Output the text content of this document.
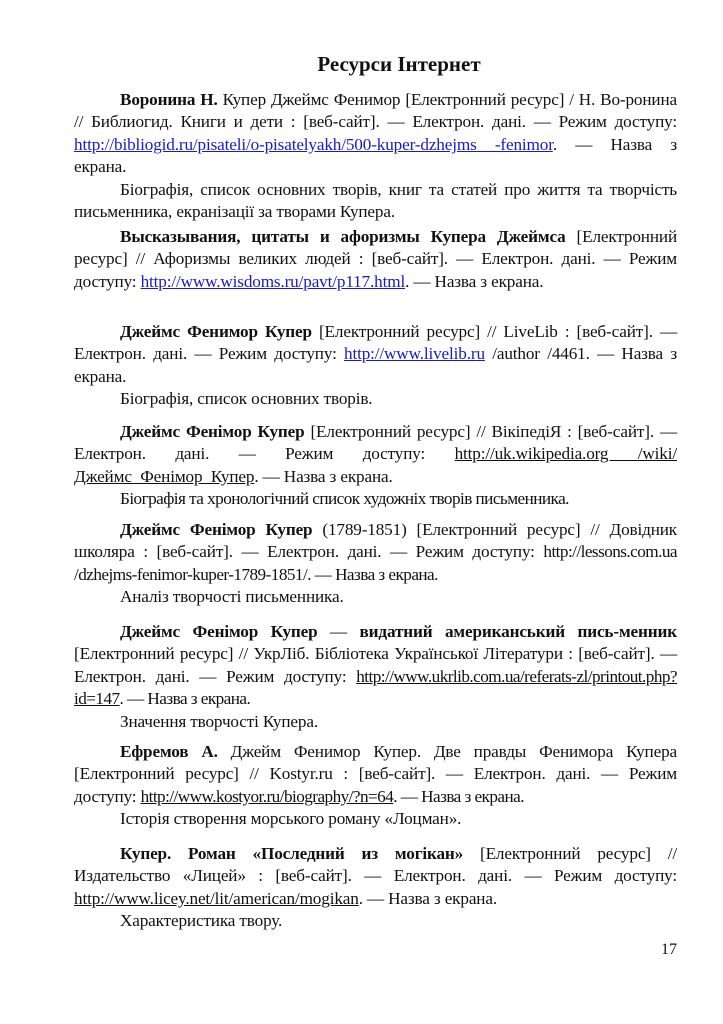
Ресурси Інтернет

Воронина Н. Купер Джеймс Фенимор [Електронний ресурс] / Н. Во-ронина // Библиогид. Книги и дети : [веб-сайт]. — Електрон. дані. — Режим доступу: http://bibliogid.ru/pisateli/o-pisatelyakh/500-kuper-dzhejms -fenimor. — Назва з екрана.

Біографія, список основних творів, книг та статей про життя та творчість письменника, екранізації за творами Купера.

Высказывания, цитаты и афоризмы Купера Джеймса [Електронний ресурс] // Афоризмы великих людей : [веб-сайт]. — Електрон. дані. — Режим доступу: http://www.wisdoms.ru/pavt/p117.html. — Назва з екрана.

Джеймс Фенимор Купер [Електронний ресурс] // LiveLib : [веб-сайт]. — Електрон. дані. — Режим доступу: http://www.livelib.ru /author /4461. — Назва з екрана.

Біографія, список основних творів.

Джеймс Фенімор Купер [Електронний ресурс] // ВікіпедіЯ : [веб-сайт]. — Електрон. дані. — Режим доступу: http://uk.wikipedia.org /wiki/Джеймс_Фенімор_Купер. — Назва з екрана.

Біографія та хронологічний список художніх творів письменника.

Джеймс Фенімор Купер (1789-1851) [Електронний ресурс] // Довідник школяра : [веб-сайт]. — Електрон. дані. — Режим доступу: http://lessons.com.ua /dzhejms-fenimor-kuper-1789-1851/. — Назва з екрана.

Аналіз творчості письменника.

Джеймс Фенімор Купер — видатний американський пись-менник [Електронний ресурс] // УкрЛіб. Бібліотека Української Літератури : [веб-сайт]. — Електрон. дані. — Режим доступу: http://www.ukrlib.com.ua/referats-zl/printout.php?id=147. — Назва з екрана.

Значення творчості Купера.

Ефремов А. Джейм Фенимор Купер. Две правды Фенимора Купера [Електронний ресурс] // Kostyr.ru : [веб-сайт]. — Електрон. дані. — Режим доступу: http://www.kostyor.ru/biography/?n=64. — Назва з екрана.

Історія створення морського роману «Лоцман».

Купер. Роман «Последний из могікан» [Електронний ресурс] // Издательство «Лицей» : [веб-сайт]. — Електрон. дані. — Режим доступу: http://www.licey.net/lit/american/mogikan. — Назва з екрана.

Характеристика твору.

17
